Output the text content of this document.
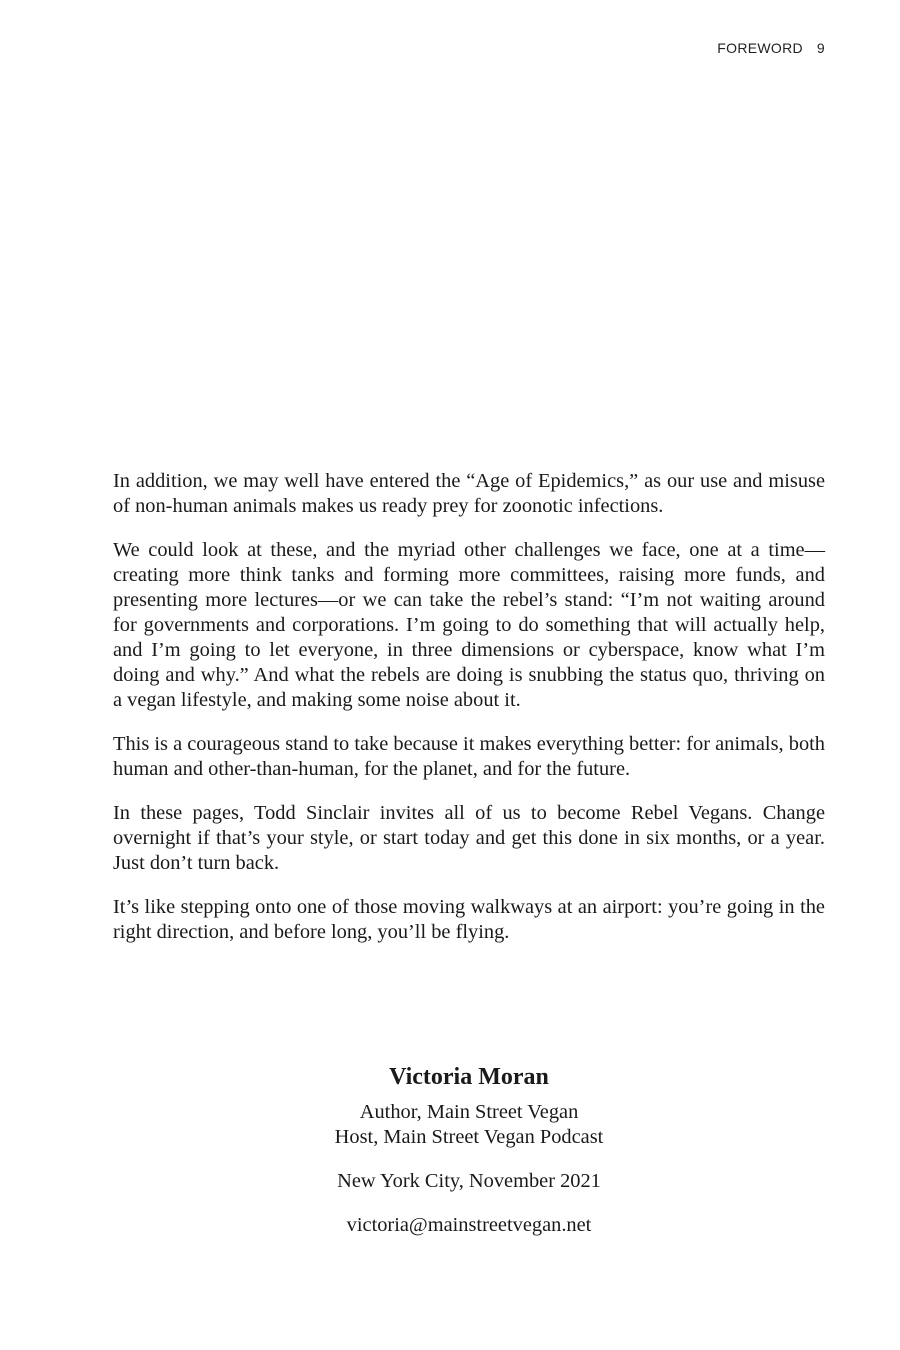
FOREWORD 9

In addition, we may well have entered the “Age of Epidemics,” as our use and misuse of non-human animals makes us ready prey for zoonotic infections.

We could look at these, and the myriad other challenges we face, one at a time—creating more think tanks and forming more committees, raising more funds, and presenting more lectures—or we can take the rebel’s stand: “I’m not waiting around for governments and corporations. I’m going to do something that will actually help, and I’m going to let everyone, in three dimensions or cyberspace, know what I’m doing and why.” And what the rebels are doing is snubbing the status quo, thriving on a vegan lifestyle, and making some noise about it.

This is a courageous stand to take because it makes everything better: for animals, both human and other-than-human, for the planet, and for the future.

In these pages, Todd Sinclair invites all of us to become Rebel Vegans. Change overnight if that’s your style, or start today and get this done in six months, or a year. Just don’t turn back.

It’s like stepping onto one of those moving walkways at an airport: you’re going in the right direction, and before long, you’ll be flying.

Victoria Moran
Author, Main Street Vegan
Host, Main Street Vegan Podcast
New York City, November 2021
victoria@mainstreetvegan.net
